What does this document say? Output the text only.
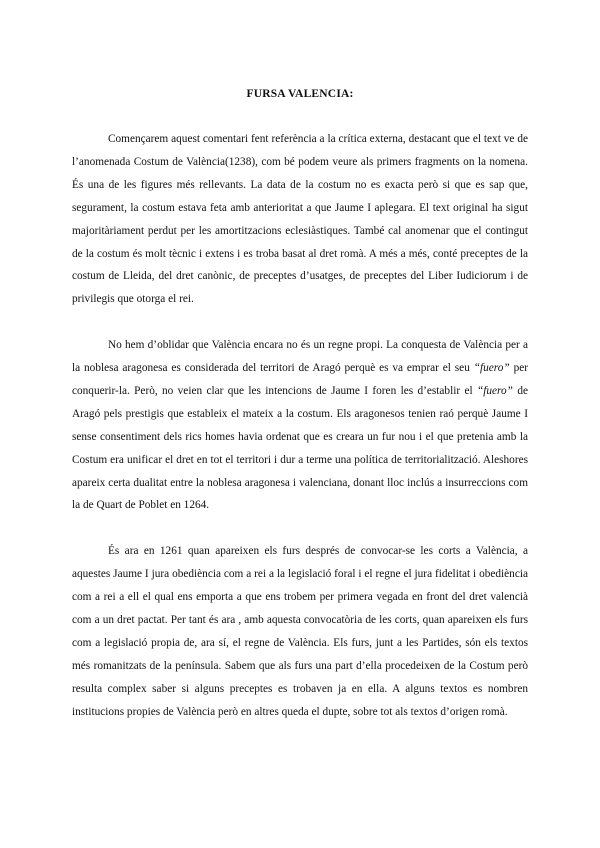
FURSA VALENCIA:

Començarem aquest comentari fent referència a la crítica externa, destacant que el text ve de l’anomenada Costum de València(1238), com bé podem veure als primers fragments on la nomena. És una de les figures més rellevants. La data de la costum no es exacta però si que es sap que, segurament, la costum estava feta amb anterioritat a que Jaume I aplegara. El text original ha sigut majoritàriament perdut per les amortitzacions eclesiàstiques. També cal anomenar que el contingut de la costum és molt tècnic i extens i es troba basat al dret romà. A més a més, conté preceptes de la costum de Lleida, del dret canònic, de preceptes d’usatges, de preceptes del Liber Iudiciorum i de privilegis que otorga el rei.

No hem d’oblidar que València encara no és un regne propi. La conquesta de València per a la noblesa aragonesa es considerada del territori de Aragó perquè es va emprar el seu “fuero” per conquerir-la. Però, no veien clar que les intencions de Jaume I foren les d’establir el “fuero” de Aragó pels prestigis que estableix el mateix a la costum. Els aragonesos tenien raó perquè Jaume I sense consentiment dels rics homes havia ordenat que es creara un fur nou i el que pretenia amb la Costum era unificar el dret en tot el territori i dur a terme una política de territorialització. Aleshores apareix certa dualitat entre la noblesa aragonesa i valenciana, donant lloc inclús a insurreccions com la de Quart de Poblet en 1264.

És ara en 1261 quan apareixen els furs després de convocar-se les corts a València, a aquestes Jaume I jura obediència com a rei a la legislació foral i el regne el jura fidelitat i obediència com a rei a ell el qual ens emporta a que ens trobem per primera vegada en front del dret valencià com a un dret pactat. Per tant és ara , amb aquesta convocatòria de les corts, quan apareixen els furs com a legislació propia de, ara sí, el regne de València. Els furs, junt a les Partides, són els textos més romanitzats de la península. Sabem que als furs una part d’ella procedeixen de la Costum però resulta complex saber si alguns preceptes es trobaven ja en ella. A alguns textos es nombren institucions propies de València però en altres queda el dupte, sobre tot als textos d’origen romà.
